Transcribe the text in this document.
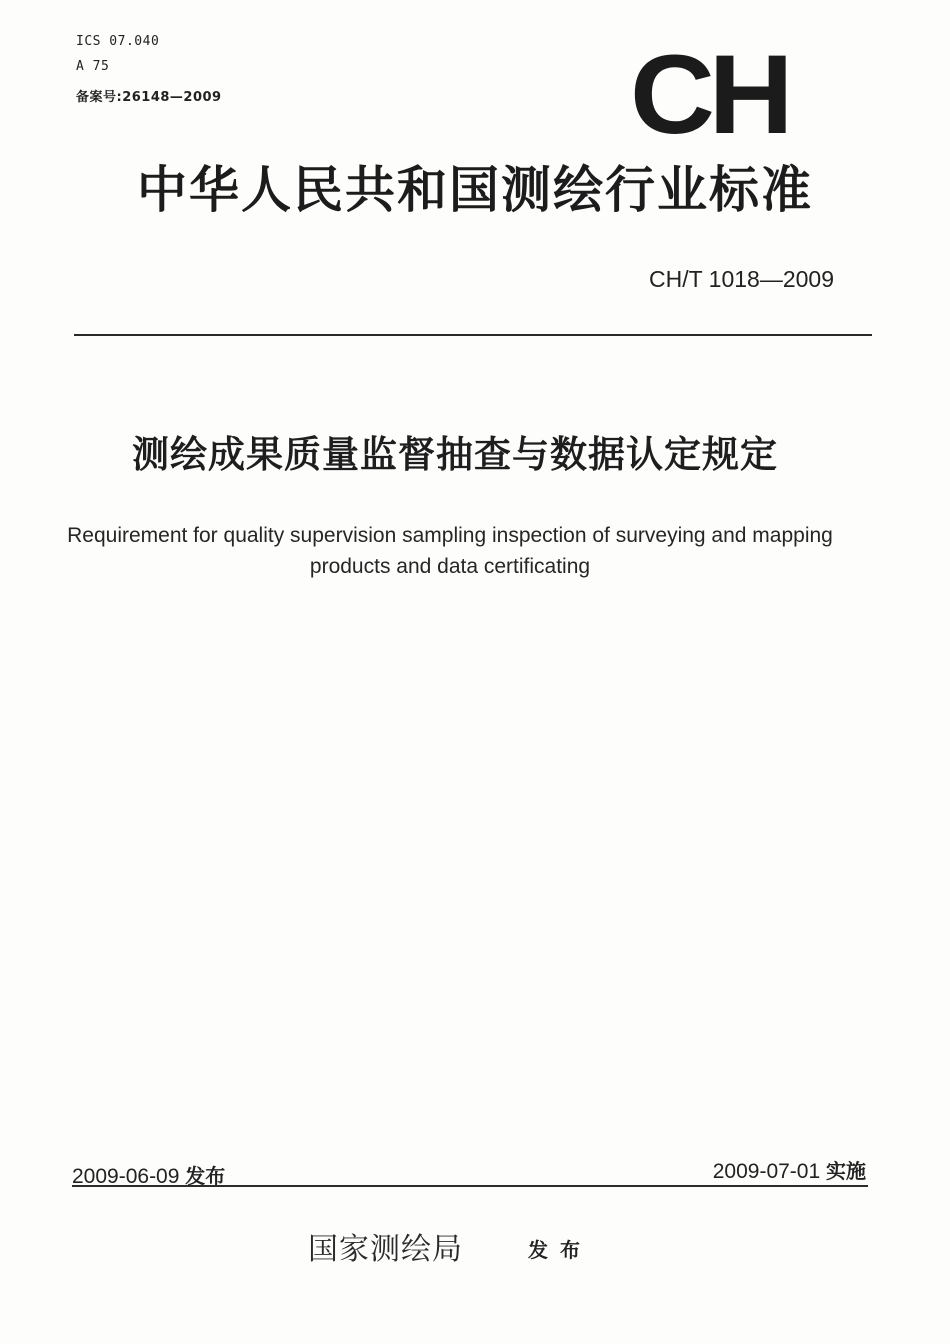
ICS 07.040
A 75
备案号:26148—2009	CH
中华人民共和国测绘行业标准
CH/T 1018—2009
测绘成果质量监督抽查与数据认定规定
Requirement for quality supervision sampling inspection of surveying and mapping
products and data certificating
2009-06-09 发布	2009-07-01 实施
国家测绘局	发布
